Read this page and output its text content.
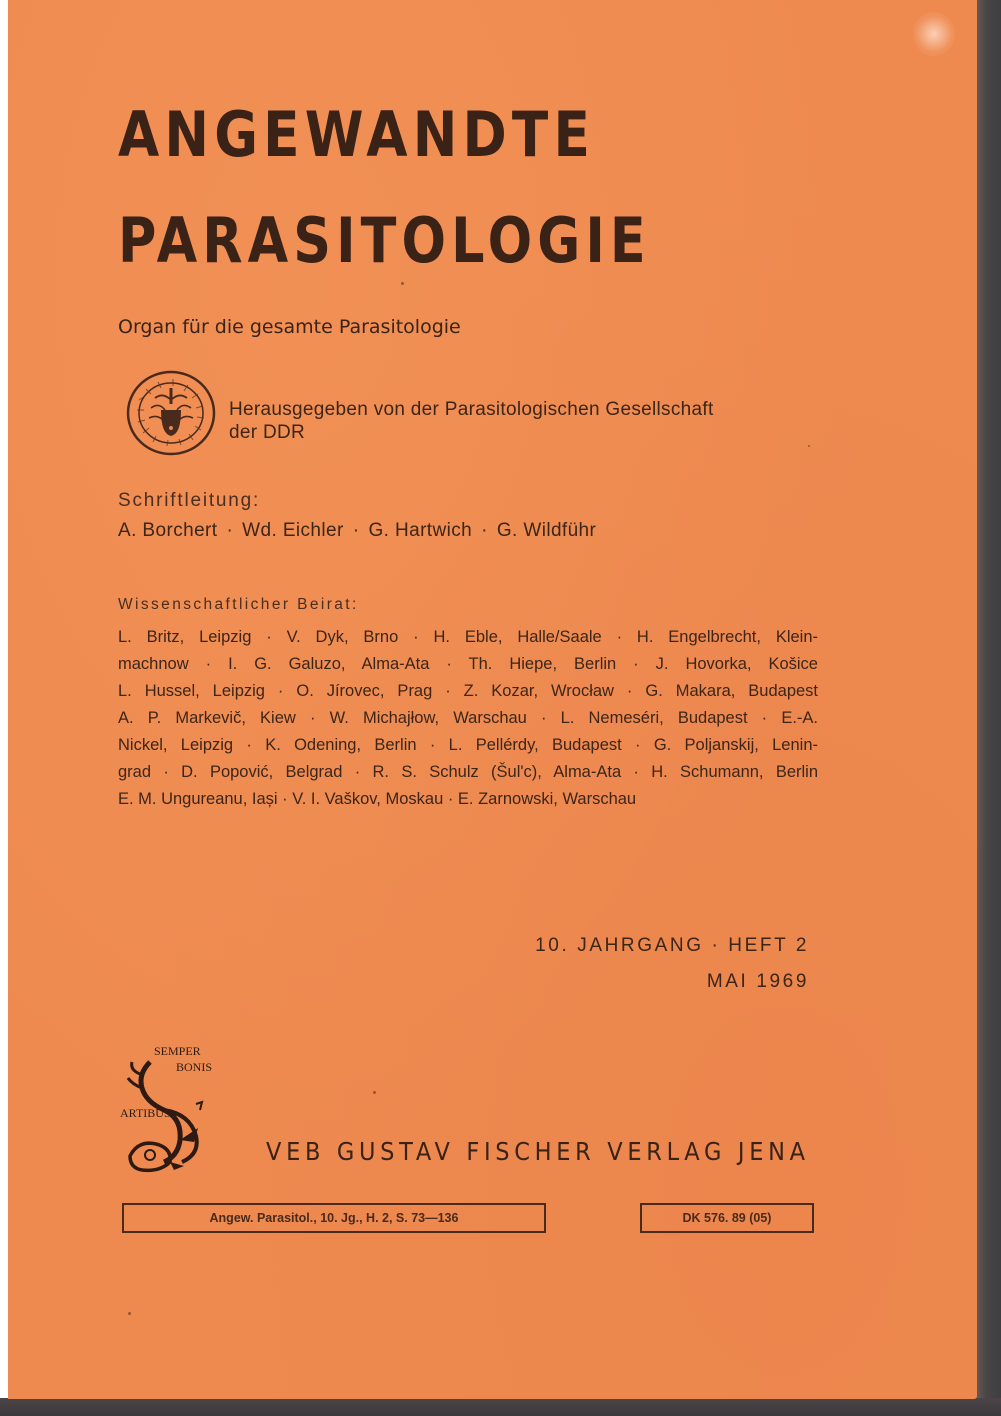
ANGEWANDTE
PARASITOLOGIE
Organ für die gesamte Parasitologie
Herausgegeben von der Parasitologischen Gesellschaft
der DDR
Schriftleitung:
A. Borchert · Wd. Eichler · G. Hartwich · G. Wildführ
Wissenschaftlicher Beirat:
L. Britz, Leipzig · V. Dyk, Brno · H. Eble, Halle/Saale · H. Engelbrecht, Klein-
machnow · I. G. Galuzo, Alma-Ata · Th. Hiepe, Berlin · J. Hovorka, Košice
L. Hussel, Leipzig · O. Jírovec, Prag · Z. Kozar, Wrocław · G. Makara, Budapest
A. P. Markevič, Kiew · W. Michajłow, Warschau · L. Nemeséri, Budapest · E.-A.
Nickel, Leipzig · K. Odening, Berlin · L. Pellérdy, Budapest · G. Poljanskij, Lenin-
grad · D. Popović, Belgrad · R. S. Schulz (Šul'c), Alma-Ata · H. Schumann, Berlin
E. M. Ungureanu, Iași · V. I. Vaškov, Moskau · E. Zarnowski, Warschau
10. JAHRGANG · HEFT 2
MAI 1969
SEMPER
BONIS
ARTIBUS
VEB GUSTAV FISCHER VERLAG JENA
Angew. Parasitol., 10. Jg., H. 2, S. 73—136	DK 576. 89 (05)
